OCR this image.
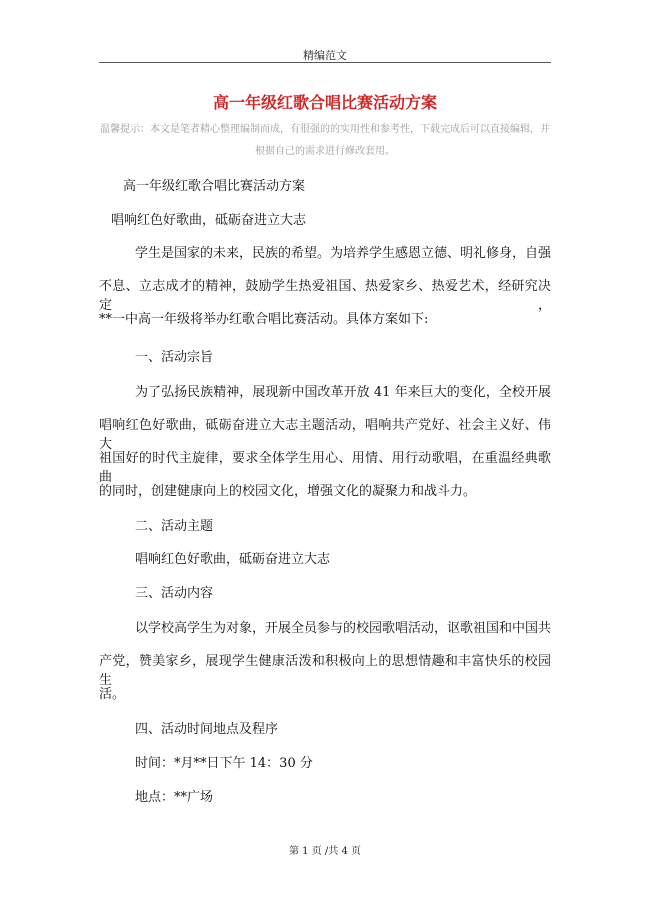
精编范文
高一年级红歌合唱比赛活动方案
温馨提示：本文是笔者精心整理编制而成，有很强的的实用性和参考性，下载完成后可以直接编辑，并根据自己的需求进行修改套用。
高一年级红歌合唱比赛活动方案
唱响红色好歌曲，砥砺奋进立大志
学生是国家的未来，民族的希望。为培养学生感恩立德、明礼修身，自强
不息、立志成才的精神，鼓励学生热爱祖国、热爱家乡、热爱艺术，经研究决定，
**一中高一年级将举办红歌合唱比赛活动。具体方案如下:
一、活动宗旨
为了弘扬民族精神，展现新中国改革开放 41 年来巨大的变化，全校开展
唱响红色好歌曲，砥砺奋进立大志主题活动，唱响共产党好、社会主义好、伟大
祖国好的时代主旋律，要求全体学生用心、用情、用行动歌唱，在重温经典歌曲
的同时，创建健康向上的校园文化，增强文化的凝聚力和战斗力。
二、活动主题
唱响红色好歌曲，砥砺奋进立大志
三、活动内容
以学校高学生为对象，开展全员参与的校园歌唱活动，讴歌祖国和中国共
产党，赞美家乡，展现学生健康活泼和积极向上的思想情趣和丰富快乐的校园生
活。
四、活动时间地点及程序
时间：*月**日下午 14：30 分
地点：**广场
第 1 页 /共 4 页
